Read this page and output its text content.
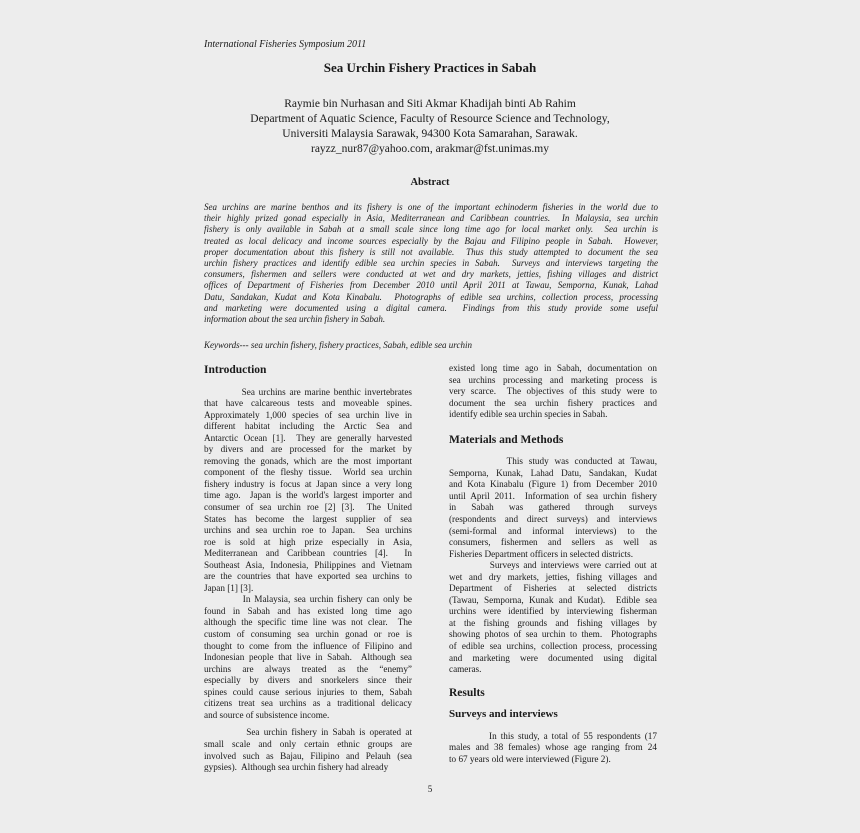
International Fisheries Symposium 2011
Sea Urchin Fishery Practices in Sabah
Raymie bin Nurhasan and Siti Akmar Khadijah binti Ab Rahim
Department of Aquatic Science, Faculty of Resource Science and Technology,
Universiti Malaysia Sarawak, 94300 Kota Samarahan, Sarawak.
rayzz_nur87@yahoo.com, arakmar@fst.unimas.my
Abstract
Sea urchins are marine benthos and its fishery is one of the important echinoderm fisheries in the world due to
their highly prized gonad especially in Asia, Mediterranean and Caribbean countries.  In Malaysia, sea urchin
fishery is only available in Sabah at a small scale since long time ago for local market only.  Sea urchin is
treated as local delicacy and income sources especially by the Bajau and Filipino people in Sabah.  However,
proper documentation about this fishery is still not available.  Thus this study attempted to document the sea
urchin fishery practices and identify edible sea urchin species in Sabah.  Surveys and interviews targeting the
consumers, fishermen and sellers were conducted at wet and dry markets, jetties, fishing villages and district
offices of Department of Fisheries from December 2010 until April 2011 at Tawau, Semporna, Kunak, Lahad
Datu, Sandakan, Kudat and Kota Kinabalu.  Photographs of edible sea urchins, collection process, processing
and marketing were documented using a digital camera.  Findings from this study provide some useful
information about the sea urchin fishery in Sabah.
Keywords--- sea urchin fishery, fishery practices, Sabah, edible sea urchin
Introduction

Sea urchins are marine benthic invertebrates
that have calcareous tests and moveable spines.
Approximately 1,000 species of sea urchin live in
different habitat including the Arctic Sea and
Antarctic Ocean [1].  They are generally harvested
by divers and are processed for the market by
removing the gonads, which are the most important
component of the fleshy tissue.  World sea urchin
fishery industry is focus at Japan since a very long
time ago.  Japan is the world's largest importer and
consumer of sea urchin roe [2] [3].  The United
States has become the largest supplier of sea
urchins and sea urchin roe to Japan.  Sea urchins
roe is sold at high prize especially in Asia,
Mediterranean and Caribbean countries [4].  In
Southeast Asia, Indonesia, Philippines and Vietnam
are the countries that have exported sea urchins to
Japan [1] [3].

In Malaysia, sea urchin fishery can only be
found in Sabah and has existed long time ago
although the specific time line was not clear.  The
custom of consuming sea urchin gonad or roe is
thought to come from the influence of Filipino and
Indonesian people that live in Sabah.  Although sea
urchins are always treated as the “enemy”
especially by divers and snorkelers since their
spines could cause serious injuries to them, Sabah
citizens treat sea urchins as a traditional delicacy
and source of subsistence income.

Sea urchin fishery in Sabah is operated at
small scale and only certain ethnic groups are
involved such as Bajau, Filipino and Pelauh (sea
gypsies).  Although sea urchin fishery had already

existed long time ago in Sabah, documentation on
sea urchins processing and marketing process is
very scarce.  The objectives of this study were to
document the sea urchin fishery practices and
identify edible sea urchin species in Sabah.

Materials and Methods

This study was conducted at Tawau,
Semporna, Kunak, Lahad Datu, Sandakan, Kudat
and Kota Kinabalu (Figure 1) from December 2010
until April 2011.  Information of sea urchin fishery
in Sabah was gathered through surveys
(respondents and direct surveys) and interviews
(semi-formal and informal interviews) to the
consumers, fishermen and sellers as well as
Fisheries Department officers in selected districts.

Surveys and interviews were carried out at
wet and dry markets, jetties, fishing villages and
Department of Fisheries at selected districts
(Tawau, Semporna, Kunak and Kudat).  Edible sea
urchins were identified by interviewing fisherman
at the fishing grounds and fishing villages by
showing photos of sea urchin to them.  Photographs
of edible sea urchins, collection process, processing
and marketing were documented using digital
cameras.

Results
Surveys and interviews

In this study, a total of 55 respondents (17
males and 38 females) whose age ranging from 24
to 67 years old were interviewed (Figure 2).

5
